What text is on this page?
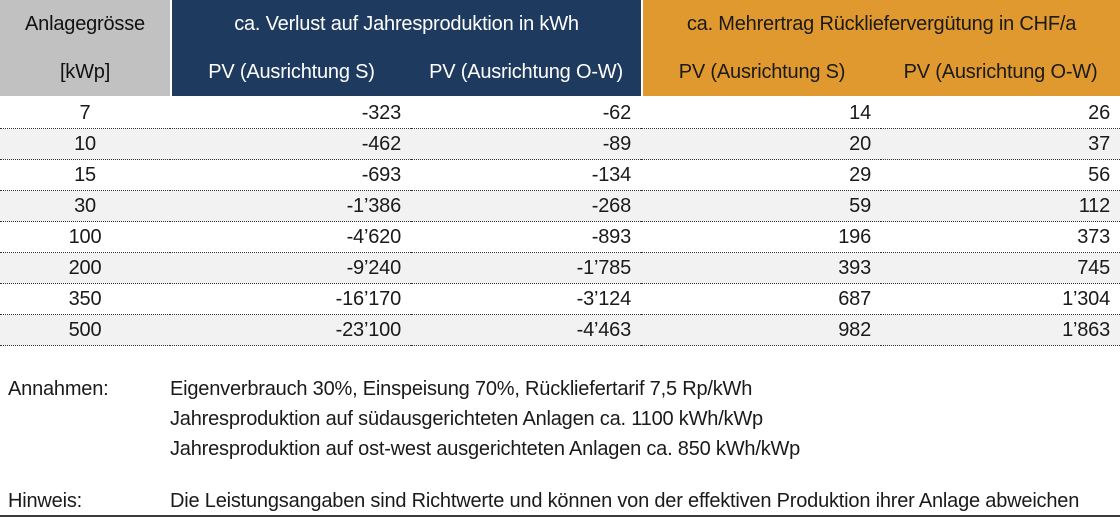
Anlagegrösse
[kWp]	ca. Verlust auf Jahresproduktion in kWh		ca. Mehrertrag Rückliefervergütung in CHF/a	
	PV (Ausrichtung S)	PV (Ausrichtung O-W)	PV (Ausrichtung S)	PV (Ausrichtung O-W)
7	-323	-62	14	26
10	-462	-89	20	37
15	-693	-134	29	56
30	-1’386	-268	59	112
100	-4’620	-893	196	373
200	-9’240	-1’785	393	745
350	-16’170	-3’124	687	1’304
500	-23’100	-4’463	982	1’863
Annahmen:	Eigenverbrauch 30%, Einspeisung 70%, Rückliefertarif 7,5 Rp/kWh
Jahresproduktion auf südausgerichteten Anlagen ca. 1100 kWh/kWp
Jahresproduktion auf ost-west ausgerichteten Anlagen ca. 850 kWh/kWp
Hinweis:	Die Leistungsangaben sind Richtwerte und können von der effektiven Produktion ihrer Anlage abweichen
